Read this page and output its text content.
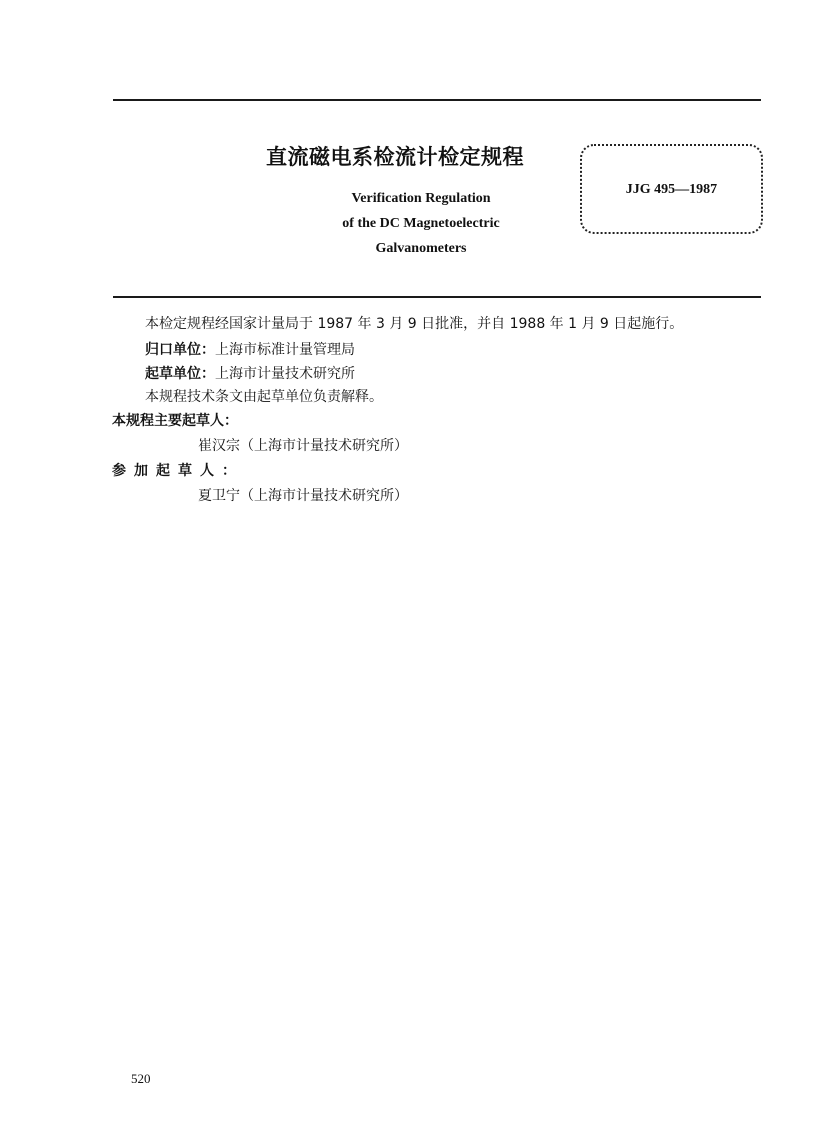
直流磁电系检流计检定规程
Verification Regulation
of the DC Magnetoelectric
Galvanometers
JJG 495—1987
本检定规程经国家计量局于 1987 年 3 月 9 日批准，并自 1988 年 1 月 9 日起施行。
归口单位：上海市标准计量管理局
起草单位：上海市计量技术研究所
本规程技术条文由起草单位负责解释。
本规程主要起草人：
崔汉宗（上海市计量技术研究所）
参加起草人：
夏卫宁（上海市计量技术研究所）
520
